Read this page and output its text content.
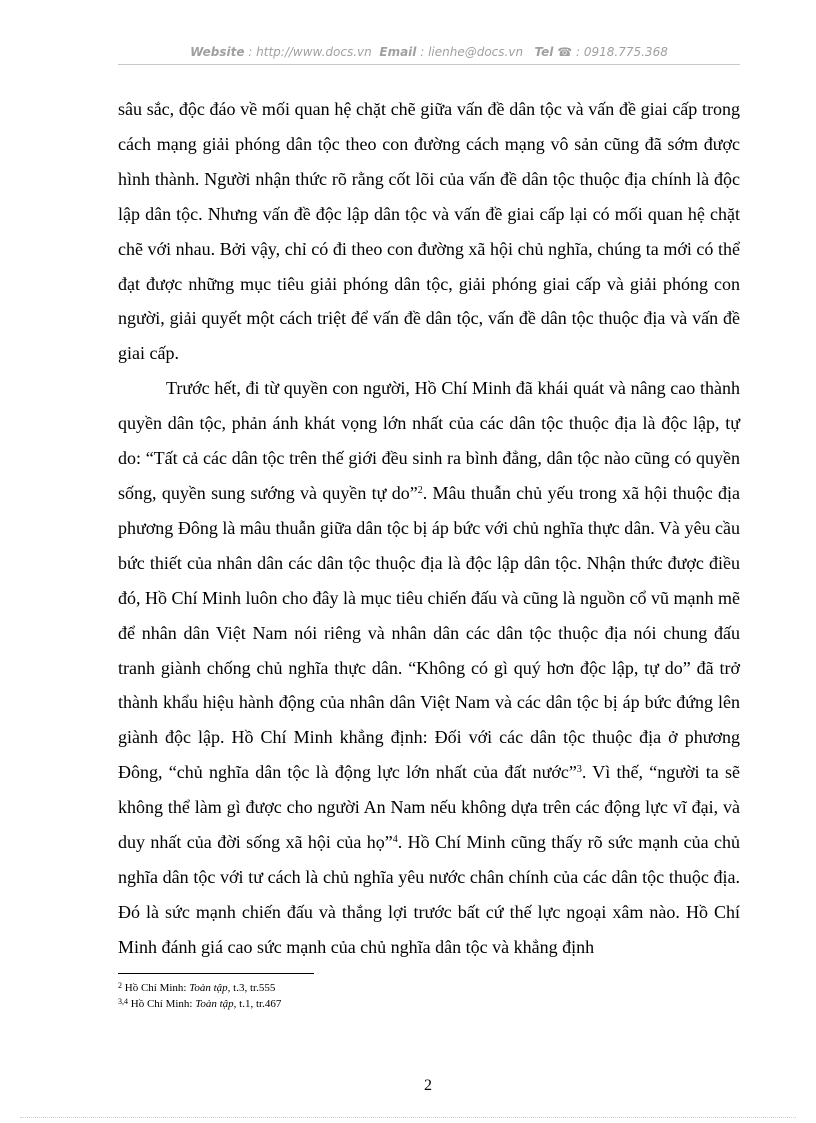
Website : http://www.docs.vn Email : lienhe@docs.vn Tel ☎ : 0918.775.368

sâu sắc, độc đáo về mối quan hệ chặt chẽ giữa vấn đề dân tộc và vấn đề giai cấp trong cách mạng giải phóng dân tộc theo con đường cách mạng vô sản cũng đã sớm được hình thành. Người nhận thức rõ rằng cốt lõi của vấn đề dân tộc thuộc địa chính là độc lập dân tộc. Nhưng vấn đề độc lập dân tộc và vấn đề giai cấp lại có mối quan hệ chặt chẽ với nhau. Bởi vậy, chỉ có đi theo con đường xã hội chủ nghĩa, chúng ta mới có thể đạt được những mục tiêu giải phóng dân tộc, giải phóng giai cấp và giải phóng con người, giải quyết một cách triệt để vấn đề dân tộc, vấn đề dân tộc thuộc địa và vấn đề giai cấp.

Trước hết, đi từ quyền con người, Hồ Chí Minh đã khái quát và nâng cao thành quyền dân tộc, phản ánh khát vọng lớn nhất của các dân tộc thuộc địa là độc lập, tự do: “Tất cả các dân tộc trên thế giới đều sinh ra bình đẳng, dân tộc nào cũng có quyền sống, quyền sung sướng và quyền tự do”$^2$. Mâu thuẫn chủ yếu trong xã hội thuộc địa phương Đông là mâu thuẫn giữa dân tộc bị áp bức với chủ nghĩa thực dân. Và yêu cầu bức thiết của nhân dân các dân tộc thuộc địa là độc lập dân tộc. Nhận thức được điều đó, Hồ Chí Minh luôn cho đây là mục tiêu chiến đấu và cũng là nguồn cổ vũ mạnh mẽ để nhân dân Việt Nam nói riêng và nhân dân các dân tộc thuộc địa nói chung đấu tranh giành chống chủ nghĩa thực dân. “Không có gì quý hơn độc lập, tự do” đã trở thành khẩu hiệu hành động của nhân dân Việt Nam và các dân tộc bị áp bức đứng lên giành độc lập. Hồ Chí Minh khẳng định: Đối với các dân tộc thuộc địa ở phương Đông, “chủ nghĩa dân tộc là động lực lớn nhất của đất nước”$^3$. Vì thế, “người ta sẽ không thể làm gì được cho người An Nam nếu không dựa trên các động lực vĩ đại, và duy nhất của đời sống xã hội của họ”$^4$. Hồ Chí Minh cũng thấy rõ sức mạnh của chủ nghĩa dân tộc với tư cách là chủ nghĩa yêu nước chân chính của các dân tộc thuộc địa. Đó là sức mạnh chiến đấu và thắng lợi trước bất cứ thế lực ngoại xâm nào. Hồ Chí Minh đánh giá cao sức mạnh của chủ nghĩa dân tộc và khẳng định

$^2$ Hồ Chí Minh: Toàn tập, t.3, tr.555
$^{3,4}$ Hồ Chí Minh: Toàn tập, t.1, tr.467
2
